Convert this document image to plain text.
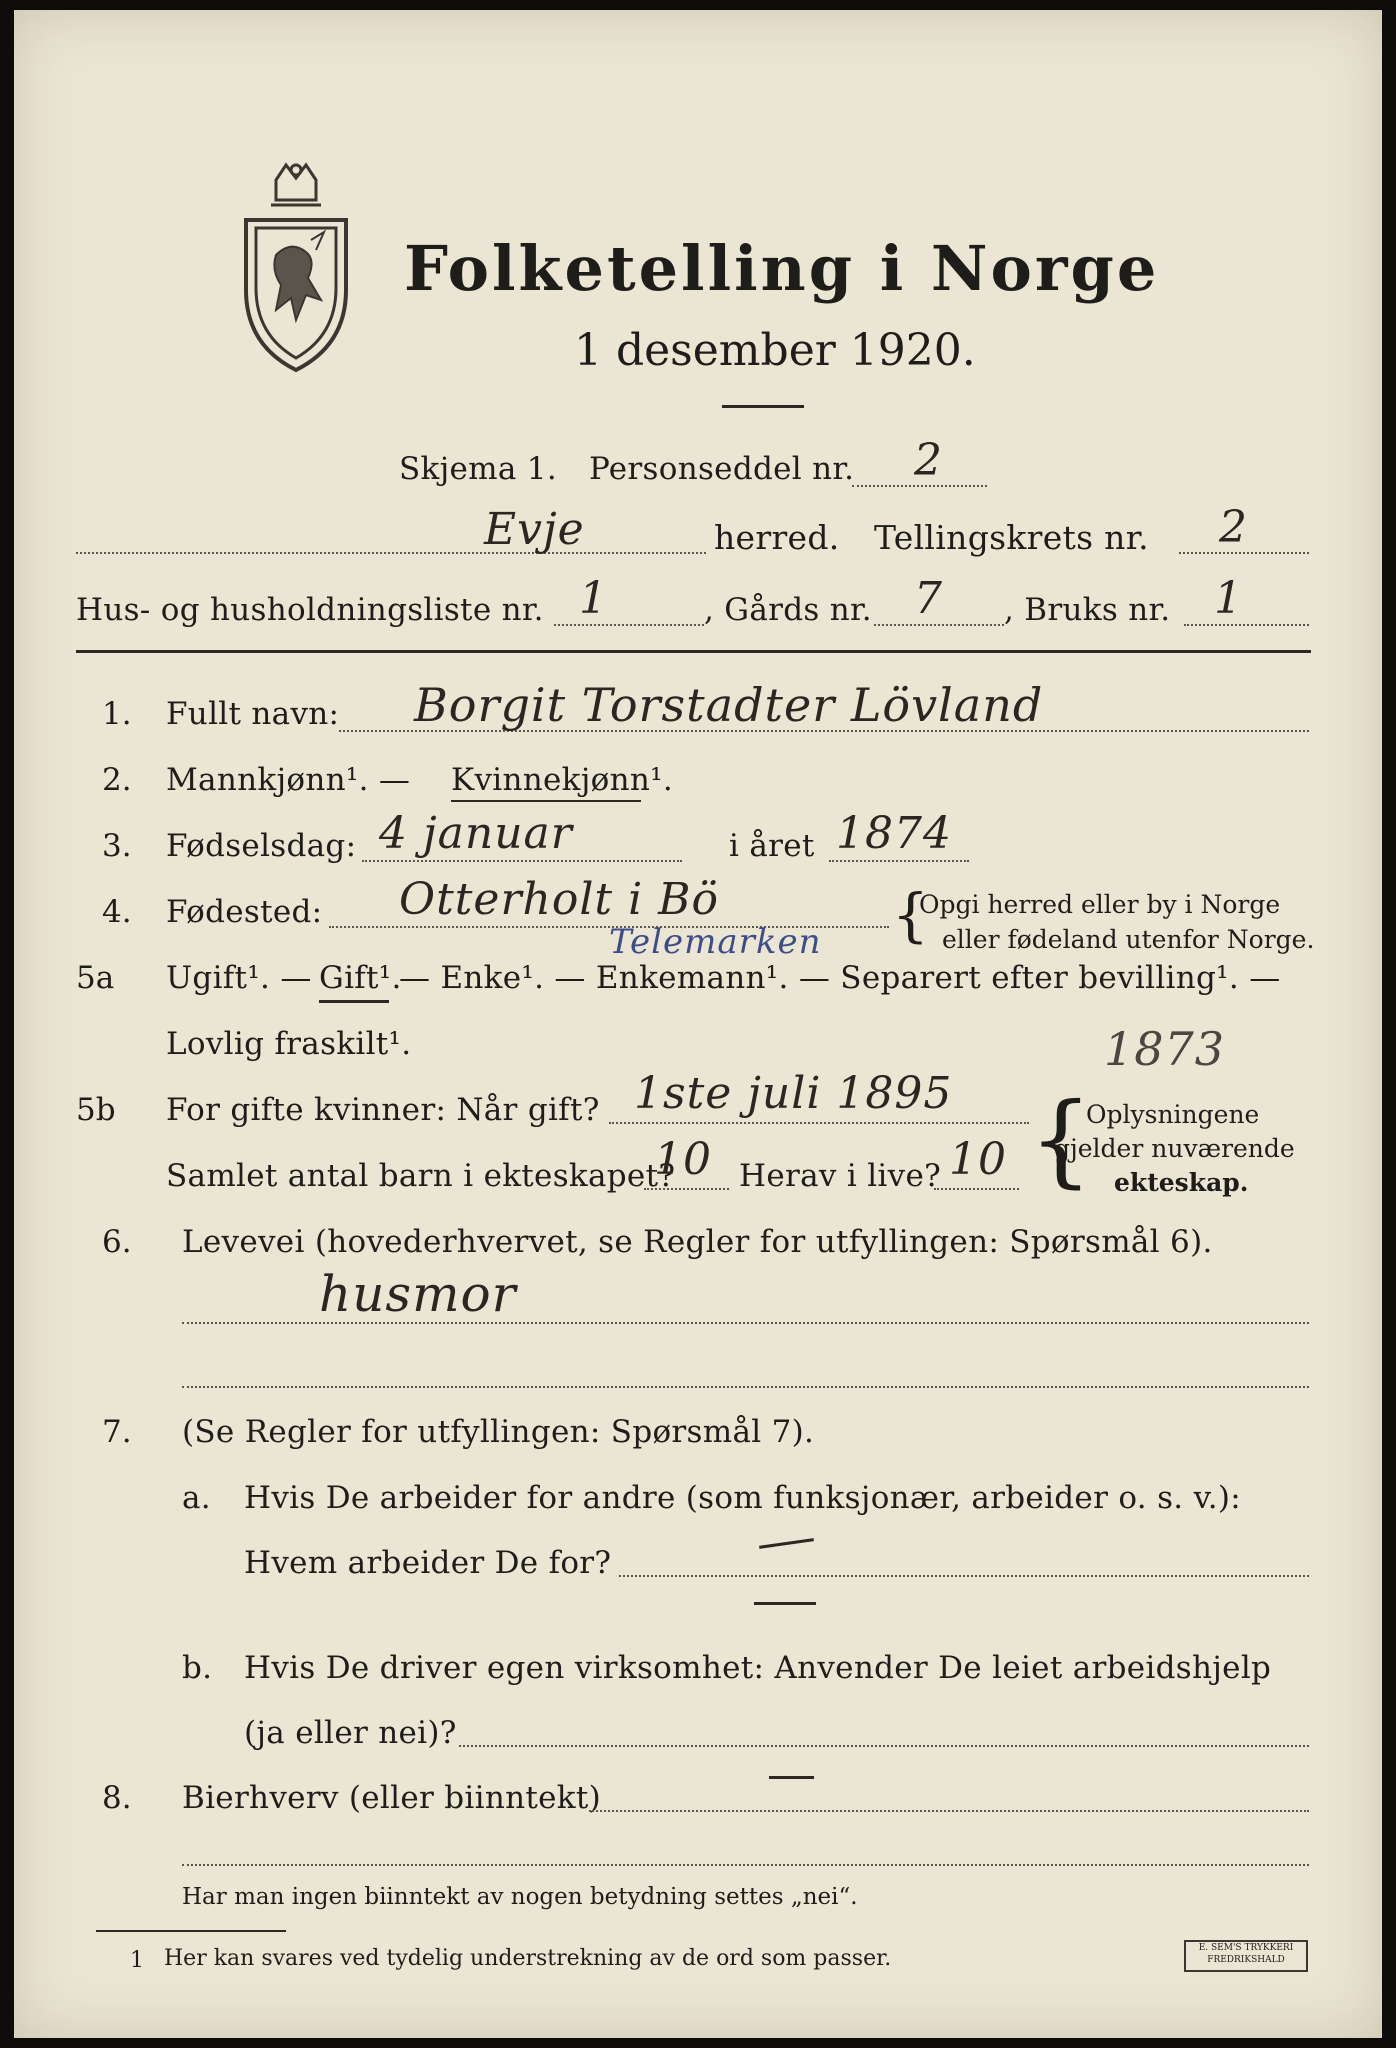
Folketelling i Norge
1 desember 1920.
Skjema 1. Personseddel nr. 2
Evje	herred. Tellingskrets nr. 2
Hus- og husholdningsliste nr. 1	, Gårds nr. 7 , Bruks nr. 1
1. Fullt navn: Borgit Torstadter Lövland
2. Mannkjønn¹. — Kvinnekjønn¹.
3. Fødselsdag: 4 januar	i året 1874
4. Fødested: Otterholt i Bö
Telemarken {
Opgi herred eller by i Norge
eller fødeland utenfor Norge.
5a Ugift¹. — Gift¹.
— Enke¹. — Enkemann¹. — Separert efter bevilling¹. —
Lovlig fraskilt¹.
5b For gifte kvinner: Når gift? 1ste juli 1895
1873
{
Oplysningene
gjelder nuværende
ekteskap.
Samlet antal barn i ekteskapet?
10 Herav i live? 10
6. Levevei (hovederhvervet, se Regler for utfyllingen: Spørsmål 6).
husmor
7. (Se Regler for utfyllingen: Spørsmål 7).
a. Hvis De arbeider for andre (som funksjonær, arbeider o. s. v.):
Hvem arbeider De for?
b. Hvis De driver egen virksomhet: Anvender De leiet arbeidshjelp
(ja eller nei)?
8. Bierhverv (eller biinntekt)
Har man ingen biinntekt av nogen betydning settes „nei“.
1 Her kan svares ved tydelig understrekning av de ord som passer.	E. SEM'S TRYKKERI FREDRIKSHALD
